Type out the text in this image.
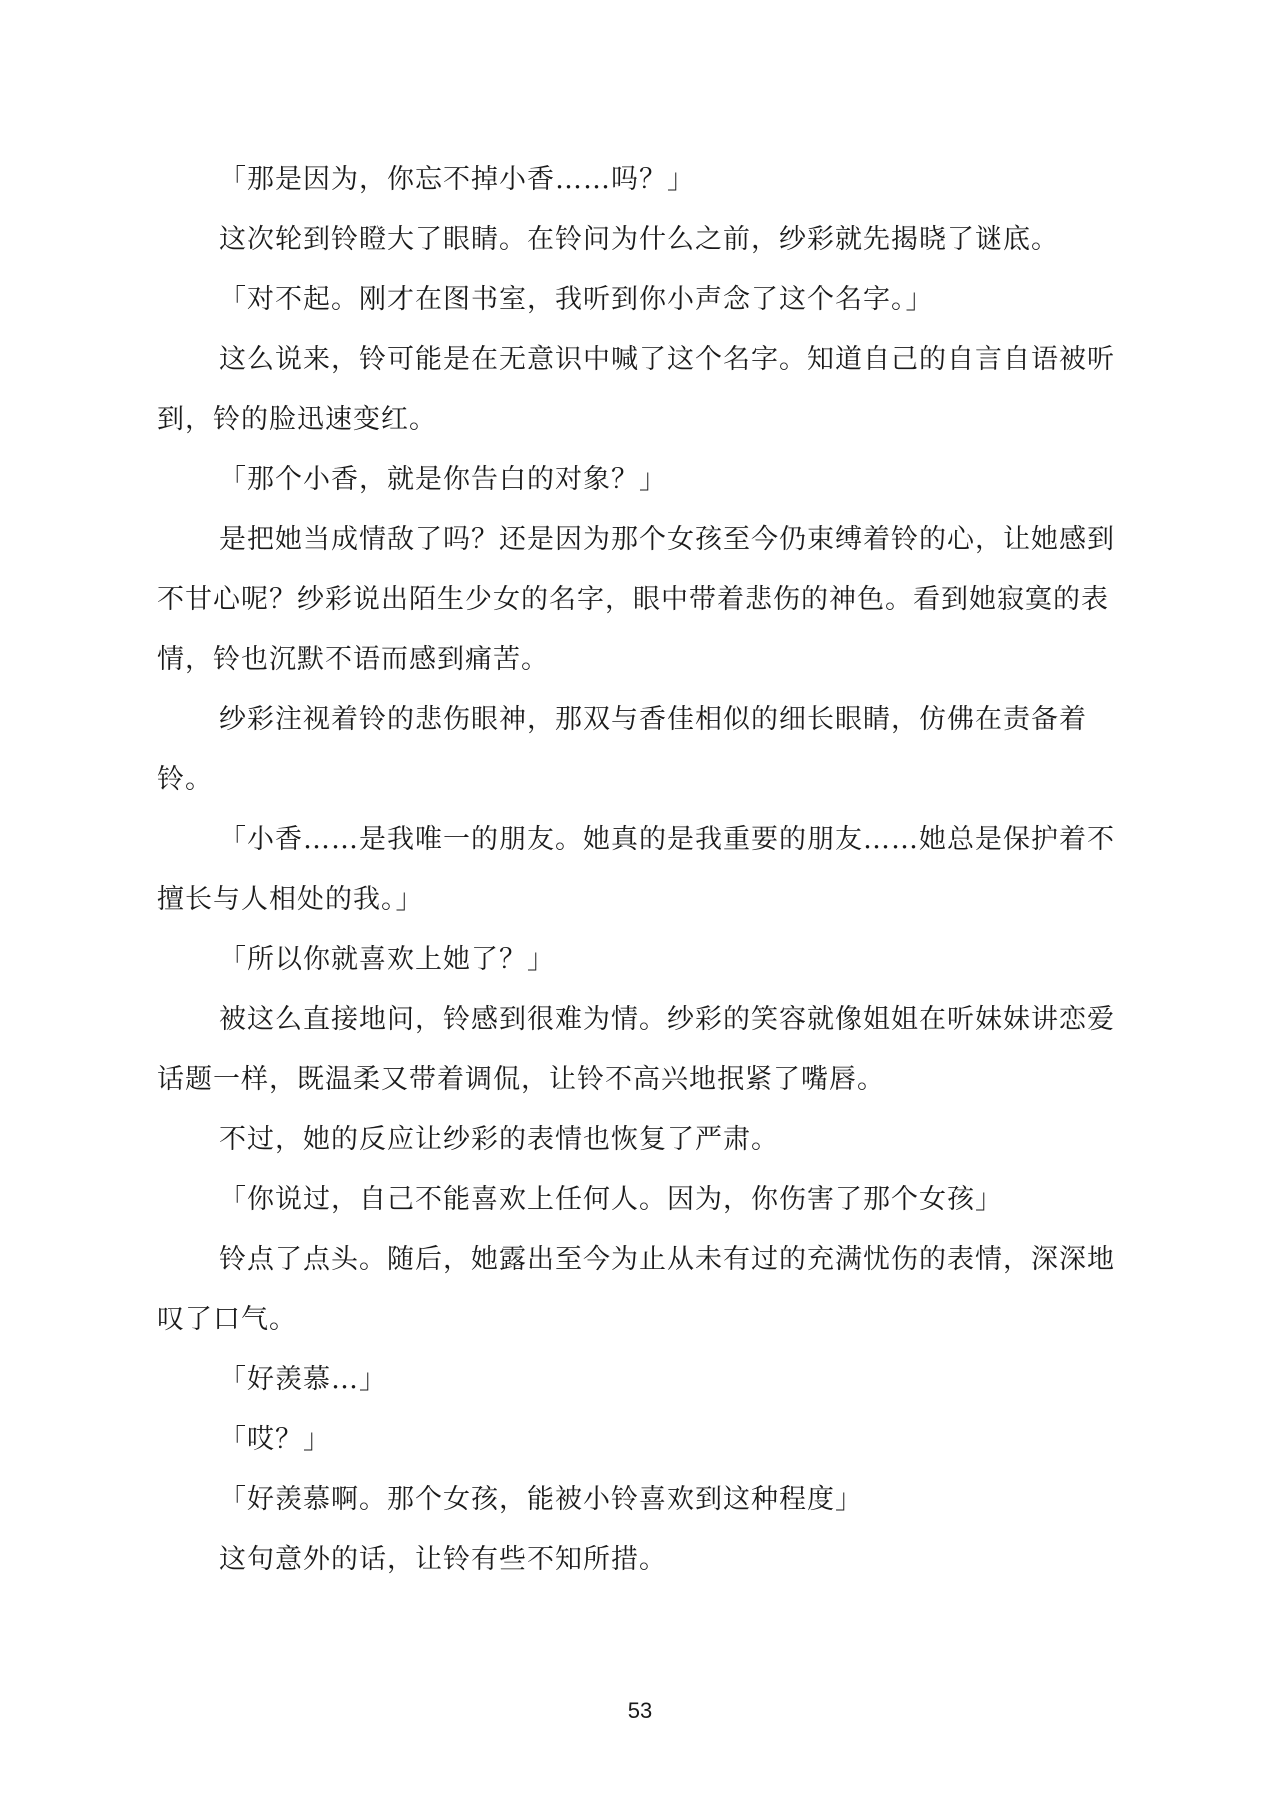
「那是因为，你忘不掉小香……吗？」

这次轮到铃瞪大了眼睛。在铃问为什么之前，纱彩就先揭晓了谜底。

「对不起。刚才在图书室，我听到你小声念了这个名字。」

这么说来，铃可能是在无意识中喊了这个名字。知道自己的自言自语被听到，铃的脸迅速变红。

「那个小香，就是你告白的对象？」

是把她当成情敌了吗？还是因为那个女孩至今仍束缚着铃的心，让她感到不甘心呢？纱彩说出陌生少女的名字，眼中带着悲伤的神色。看到她寂寞的表情，铃也沉默不语而感到痛苦。

纱彩注视着铃的悲伤眼神，那双与香佳相似的细长眼睛，仿佛在责备着铃。

「小香……是我唯一的朋友。她真的是我重要的朋友……她总是保护着不擅长与人相处的我。」

「所以你就喜欢上她了？」

被这么直接地问，铃感到很难为情。纱彩的笑容就像姐姐在听妹妹讲恋爱话题一样，既温柔又带着调侃，让铃不高兴地抿紧了嘴唇。

不过，她的反应让纱彩的表情也恢复了严肃。

「你说过，自己不能喜欢上任何人。因为，你伤害了那个女孩」

铃点了点头。随后，她露出至今为止从未有过的充满忧伤的表情，深深地叹了口气。

「好羡慕…」

「哎？」

「好羡慕啊。那个女孩，能被小铃喜欢到这种程度」

这句意外的话，让铃有些不知所措。

53
